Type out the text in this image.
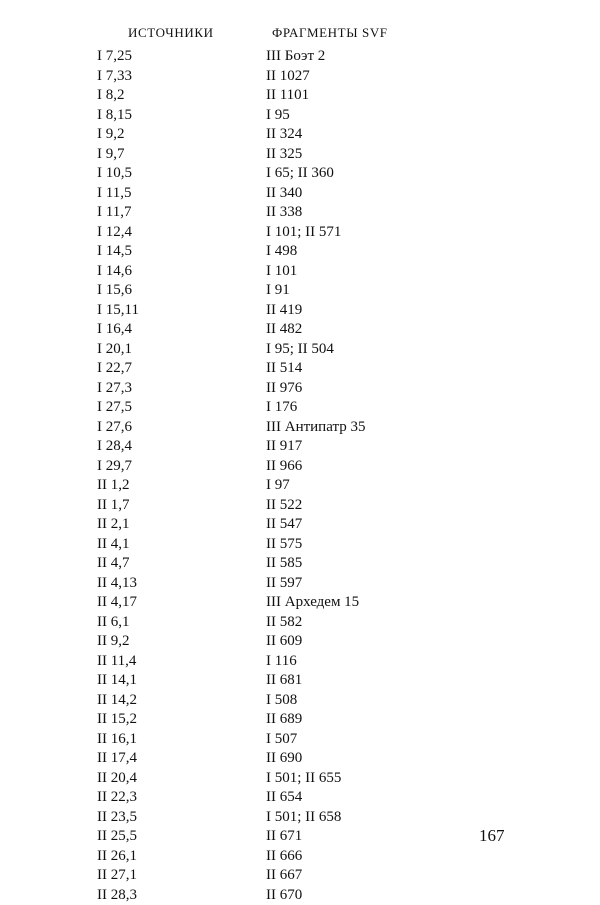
ИСТОЧНИКИ	ФРАГМЕНТЫ SVF
I 7,25	III Боэт 2
I 7,33	II 1027
I 8,2	II 1101
I 8,15	I 95
I 9,2	II 324
I 9,7	II 325
I 10,5	I 65; II 360
I 11,5	II 340
I 11,7	II 338
I 12,4	I 101; II 571
I 14,5	I 498
I 14,6	I 101
I 15,6	I 91
I 15,11	II 419
I 16,4	II 482
I 20,1	I 95; II 504
I 22,7	II 514
I 27,3	II 976
I 27,5	I 176
I 27,6	III Антипатр 35
I 28,4	II 917
I 29,7	II 966
II 1,2	I 97
II 1,7	II 522
II 2,1	II 547
II 4,1	II 575
II 4,7	II 585
II 4,13	II 597
II 4,17	III Архедем 15
II 6,1	II 582
II 9,2	II 609
II 11,4	I 116
II 14,1	II 681
II 14,2	I 508
II 15,2	II 689
II 16,1	I 507
II 17,4	II 690
II 20,4	I 501; II 655
II 22,3	II 654
II 23,5	I 501; II 658
II 25,5	II 671
II 26,1	II 666
II 27,1	II 667
II 28,3	II 670
167
